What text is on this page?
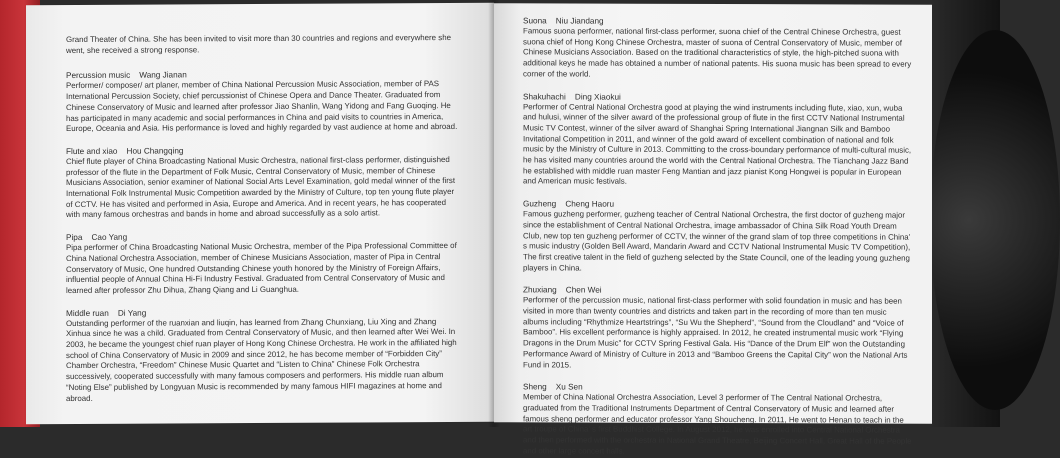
Grand Theater of China. She has been invited to visit more than 30 countries and regions and everywhere she went, she received a strong response.

Percussion music Wang Jianan

Performer/ composer/ art planer, member of China National Percussion Music Association, member of PAS International Percussion Society, chief percussionist of Chinese Opera and Dance Theater. Graduated from Chinese Conservatory of Music and learned after professor Jiao Shanlin, Wang Yidong and Fang Guoqing. He has participated in many academic and social performances in China and paid visits to countries in America, Europe, Oceania and Asia. His performance is loved and highly regarded by vast audience at home and abroad.

Flute and xiao Hou Changqing

Chief flute player of China Broadcasting National Music Orchestra, national first-class performer, distinguished professor of the flute in the Department of Folk Music, Central Conservatory of Music, member of Chinese Musicians Association, senior examiner of National Social Arts Level Examination, gold medal winner of the first International Folk Instrumental Music Competition awarded by the Ministry of Culture, top ten young flute player of CCTV. He has visited and performed in Asia, Europe and America. And in recent years, he has cooperated with many famous orchestras and bands in home and abroad successfully as a solo artist.

Pipa Cao Yang

Pipa performer of China Broadcasting National Music Orchestra, member of the Pipa Professional Committee of China National Orchestra Association, member of Chinese Musicians Association, master of Pipa in Central Conservatory of Music, One hundred Outstanding Chinese youth honored by the Ministry of Foreign Affairs, influential people of Annual China Hi-Fi Industry Festival. Graduated from Central Conservatory of Music and learned after professor Zhu Dihua, Zhang Qiang and Li Guanghua.

Middle ruan Di Yang

Outstanding performer of the ruanxian and liuqin, has learned from Zhang Chunxiang, Liu Xing and Zhang Xinhua since he was a child. Graduated from Central Conservatory of Music, and then learned after Wei Wei. In 2003, he became the youngest chief ruan player of Hong Kong Chinese Orchestra. He work in the affiliated high school of China Conservatory of Music in 2009 and since 2012, he has become member of “Forbidden City” Chamber Orchestra, “Freedom” Chinese Music Quartet and “Listen to China” Chinese Folk Orchestra successively, cooperated successfully with many famous composers and performers. His middle ruan album “Noting Else” published by Longyuan Music is recommended by many famous HIFI magazines at home and abroad.

Suona Niu Jiandang

Famous suona performer, national first-class performer, suona chief of the Central Chinese Orchestra, guest suona chief of Hong Kong Chinese Orchestra, master of suona of Central Conservatory of Music, member of Chinese Musicians Association. Based on the traditional characteristics of style, the high-pitched suona with additional keys he made has obtained a number of national patents. His suona music has been spread to every corner of the world.

Shakuhachi Ding Xiaokui

Performer of Central National Orchestra good at playing the wind instruments including flute, xiao, xun, wuba and hulusi, winner of the silver award of the professional group of flute in the first CCTV National Instrumental Music TV Contest, winner of the silver award of Shanghai Spring International Jiangnan Silk and Bamboo Invitational Competition in 2011, and winner of the gold award of excellent combination of national and folk music by the Ministry of Culture in 2013. Committing to the cross-boundary performance of multi-cultural music, he has visited many countries around the world with the Central National Orchestra. The Tianchang Jazz Band he established with middle ruan master Feng Mantian and jazz pianist Kong Hongwei is popular in European and American music festivals.

Guzheng Cheng Haoru

Famous guzheng performer, guzheng teacher of Central National Orchestra, the first doctor of guzheng major since the establishment of Central National Orchestra, image ambassador of China Silk Road Youth Dream Club, new top ten guzheng performer of CCTV, the winner of the grand slam of top three competitions in China’ s music industry (Golden Bell Award, Mandarin Award and CCTV National Instrumental Music TV Competition), The first creative talent in the field of guzheng selected by the State Council, one of the leading young guzheng players in China.

Zhuxiang Chen Wei

Performer of the percussion music, national first-class performer with solid foundation in music and has been visited in more than twenty countries and districts and taken part in the recording of more than ten music albums including “Rhythmize Heartstrings”, “Su Wu the Shepherd”, “Sound from the Cloudland” and “Voice of Bamboo”. His excellent performance is highly appraised. In 2012, he created instrumental music work “Flying Dragons in the Drum Music” for CCTV Spring Festival Gala. His “Dance of the Drum Elf” won the Outstanding Performance Award of Ministry of Culture in 2013 and “Bamboo Greens the Capital City” won the National Arts Fund in 2015.

Sheng Xu Sen

Member of China National Orchestra Association, Level 3 performer of The Central National Orchestra, graduated from the Traditional Instruments Department of Central Conservatory of Music and learned after famous sheng performer and educator professor Yang Shoucheng. In 2011, He went to Henan to teach in the art troupe of China’ s first Buddhist College. In August 2012, he was enrolled into Central National Orchestra and then performed with the orchestra in National Grand Theatre, Beijing Concert Hall, Great Hall of the People and other large concert halls.
